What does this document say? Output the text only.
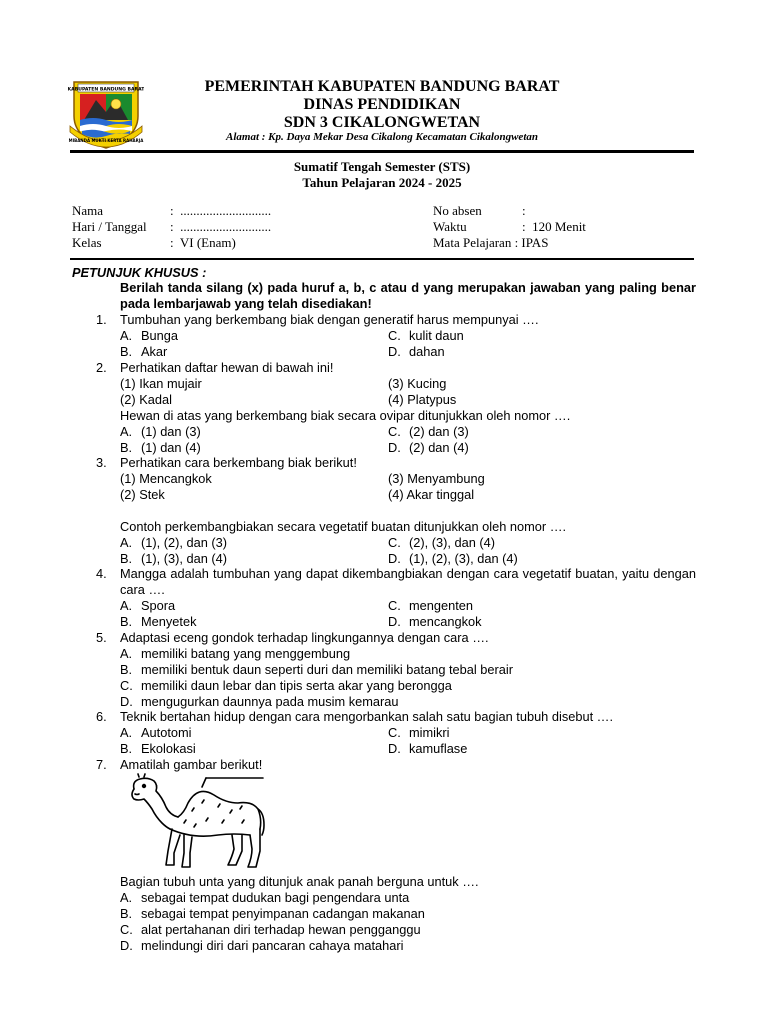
KABUPATEN BANDUNG BARAT
MIBANDA MUKTI KERTA RAHARJA
PEMERINTAH KABUPATEN BANDUNG BARAT
DINAS PENDIDIKAN
SDN 3 CIKALONGWETAN
Alamat : Kp. Daya Mekar Desa Cikalong Kecamatan Cikalongwetan
Sumatif Tengah Semester (STS)
Tahun Pelajaran 2024 - 2025
Nama	:  ............................
Hari / Tanggal :  ............................
Kelas	:  VI (Enam)
No absen	:
Waktu	:  120 Menit
Mata Pelajaran : IPAS
PETUNJUK KHUSUS :
Berilah tanda silang (x) pada huruf a, b, c atau d yang merupakan jawaban yang paling benar pada lembarjawab yang telah disediakan!
1. Tumbuhan yang berkembang biak dengan generatif harus mempunyai ….
A. Bunga	C. kulit daun
B. Akar	D. dahan
2. Perhatikan daftar hewan di bawah ini!
(1) Ikan mujair	(3) Kucing
(2) Kadal	(4) Platypus
Hewan di atas yang berkembang biak secara ovipar ditunjukkan oleh nomor ….
A. (1) dan (3)	C. (2) dan (3)
B. (1) dan (4)	D. (2) dan (4)
3. Perhatikan cara berkembang biak berikut!
(1) Mencangkok	(3) Menyambung
(2) Stek	(4) Akar tinggal
Contoh perkembangbiakan secara vegetatif buatan ditunjukkan oleh nomor ….
A. (1), (2), dan (3)	C. (2), (3), dan (4)
B. (1), (3), dan (4)	D. (1), (2), (3), dan (4)
4. Mangga adalah tumbuhan yang dapat dikembangbiakan dengan cara vegetatif buatan, yaitu dengan cara ….
A. Spora	C. mengenten
B. Menyetek	D. mencangkok
5. Adaptasi eceng gondok terhadap lingkungannya dengan cara ….
A. memiliki batang yang menggembung
B. memiliki bentuk daun seperti duri dan memiliki batang tebal berair
C. memiliki daun lebar dan tipis serta akar yang berongga
D. mengugurkan daunnya pada musim kemarau
6. Teknik bertahan hidup dengan cara mengorbankan salah satu bagian tubuh disebut ….
A. Autotomi	C. mimikri
B. Ekolokasi	D. kamuflase
7. Amatilah gambar berikut!
Bagian tubuh unta yang ditunjuk anak panah berguna untuk ….
A. sebagai tempat dudukan bagi pengendara unta
B. sebagai tempat penyimpanan cadangan makanan
C. alat pertahanan diri terhadap hewan pengganggu
D. melindungi diri dari pancaran cahaya matahari
